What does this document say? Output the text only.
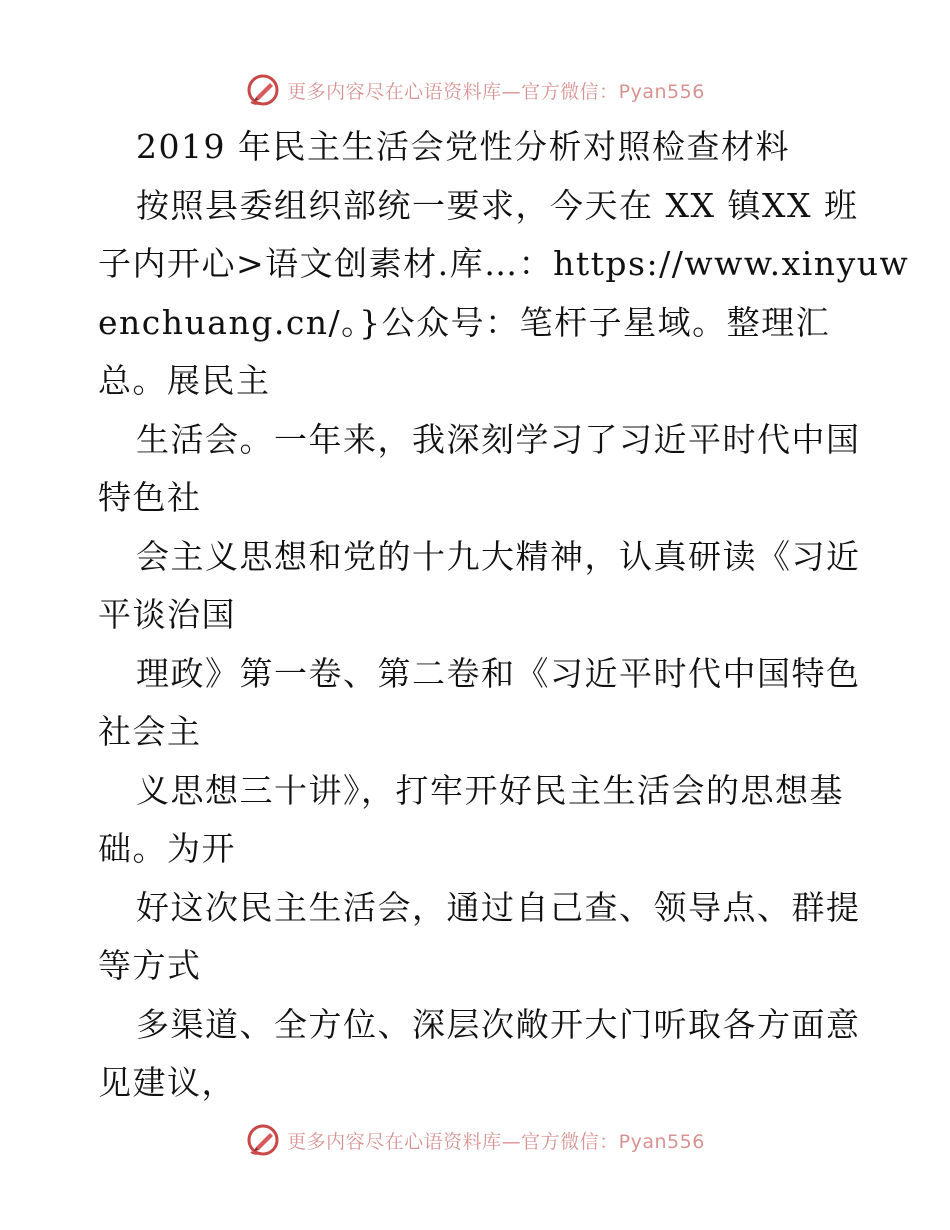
更多内容尽在心语资料库—官方微信：Pyan556
2019 年民主生活会党性分析对照检查材料
按照县委组织部统一要求，今天在 XX 镇XX 班
子内开心>语文创素材.库…：https://www.xinyuw
enchuang.cn/。}公众号：笔杆子星域。整理汇
总。展民主
生活会。一年来，我深刻学习了习近平时代中国
特色社
会主义思想和党的十九大精神，认真研读《习近
平谈治国
理政》第一卷、第二卷和《习近平时代中国特色
社会主
义思想三十讲》，打牢开好民主生活会的思想基
础。为开
好这次民主生活会，通过自己查、领导点、群提
等方式
多渠道、全方位、深层次敞开大门听取各方面意
见建议，
更多内容尽在心语资料库—官方微信：Pyan556
